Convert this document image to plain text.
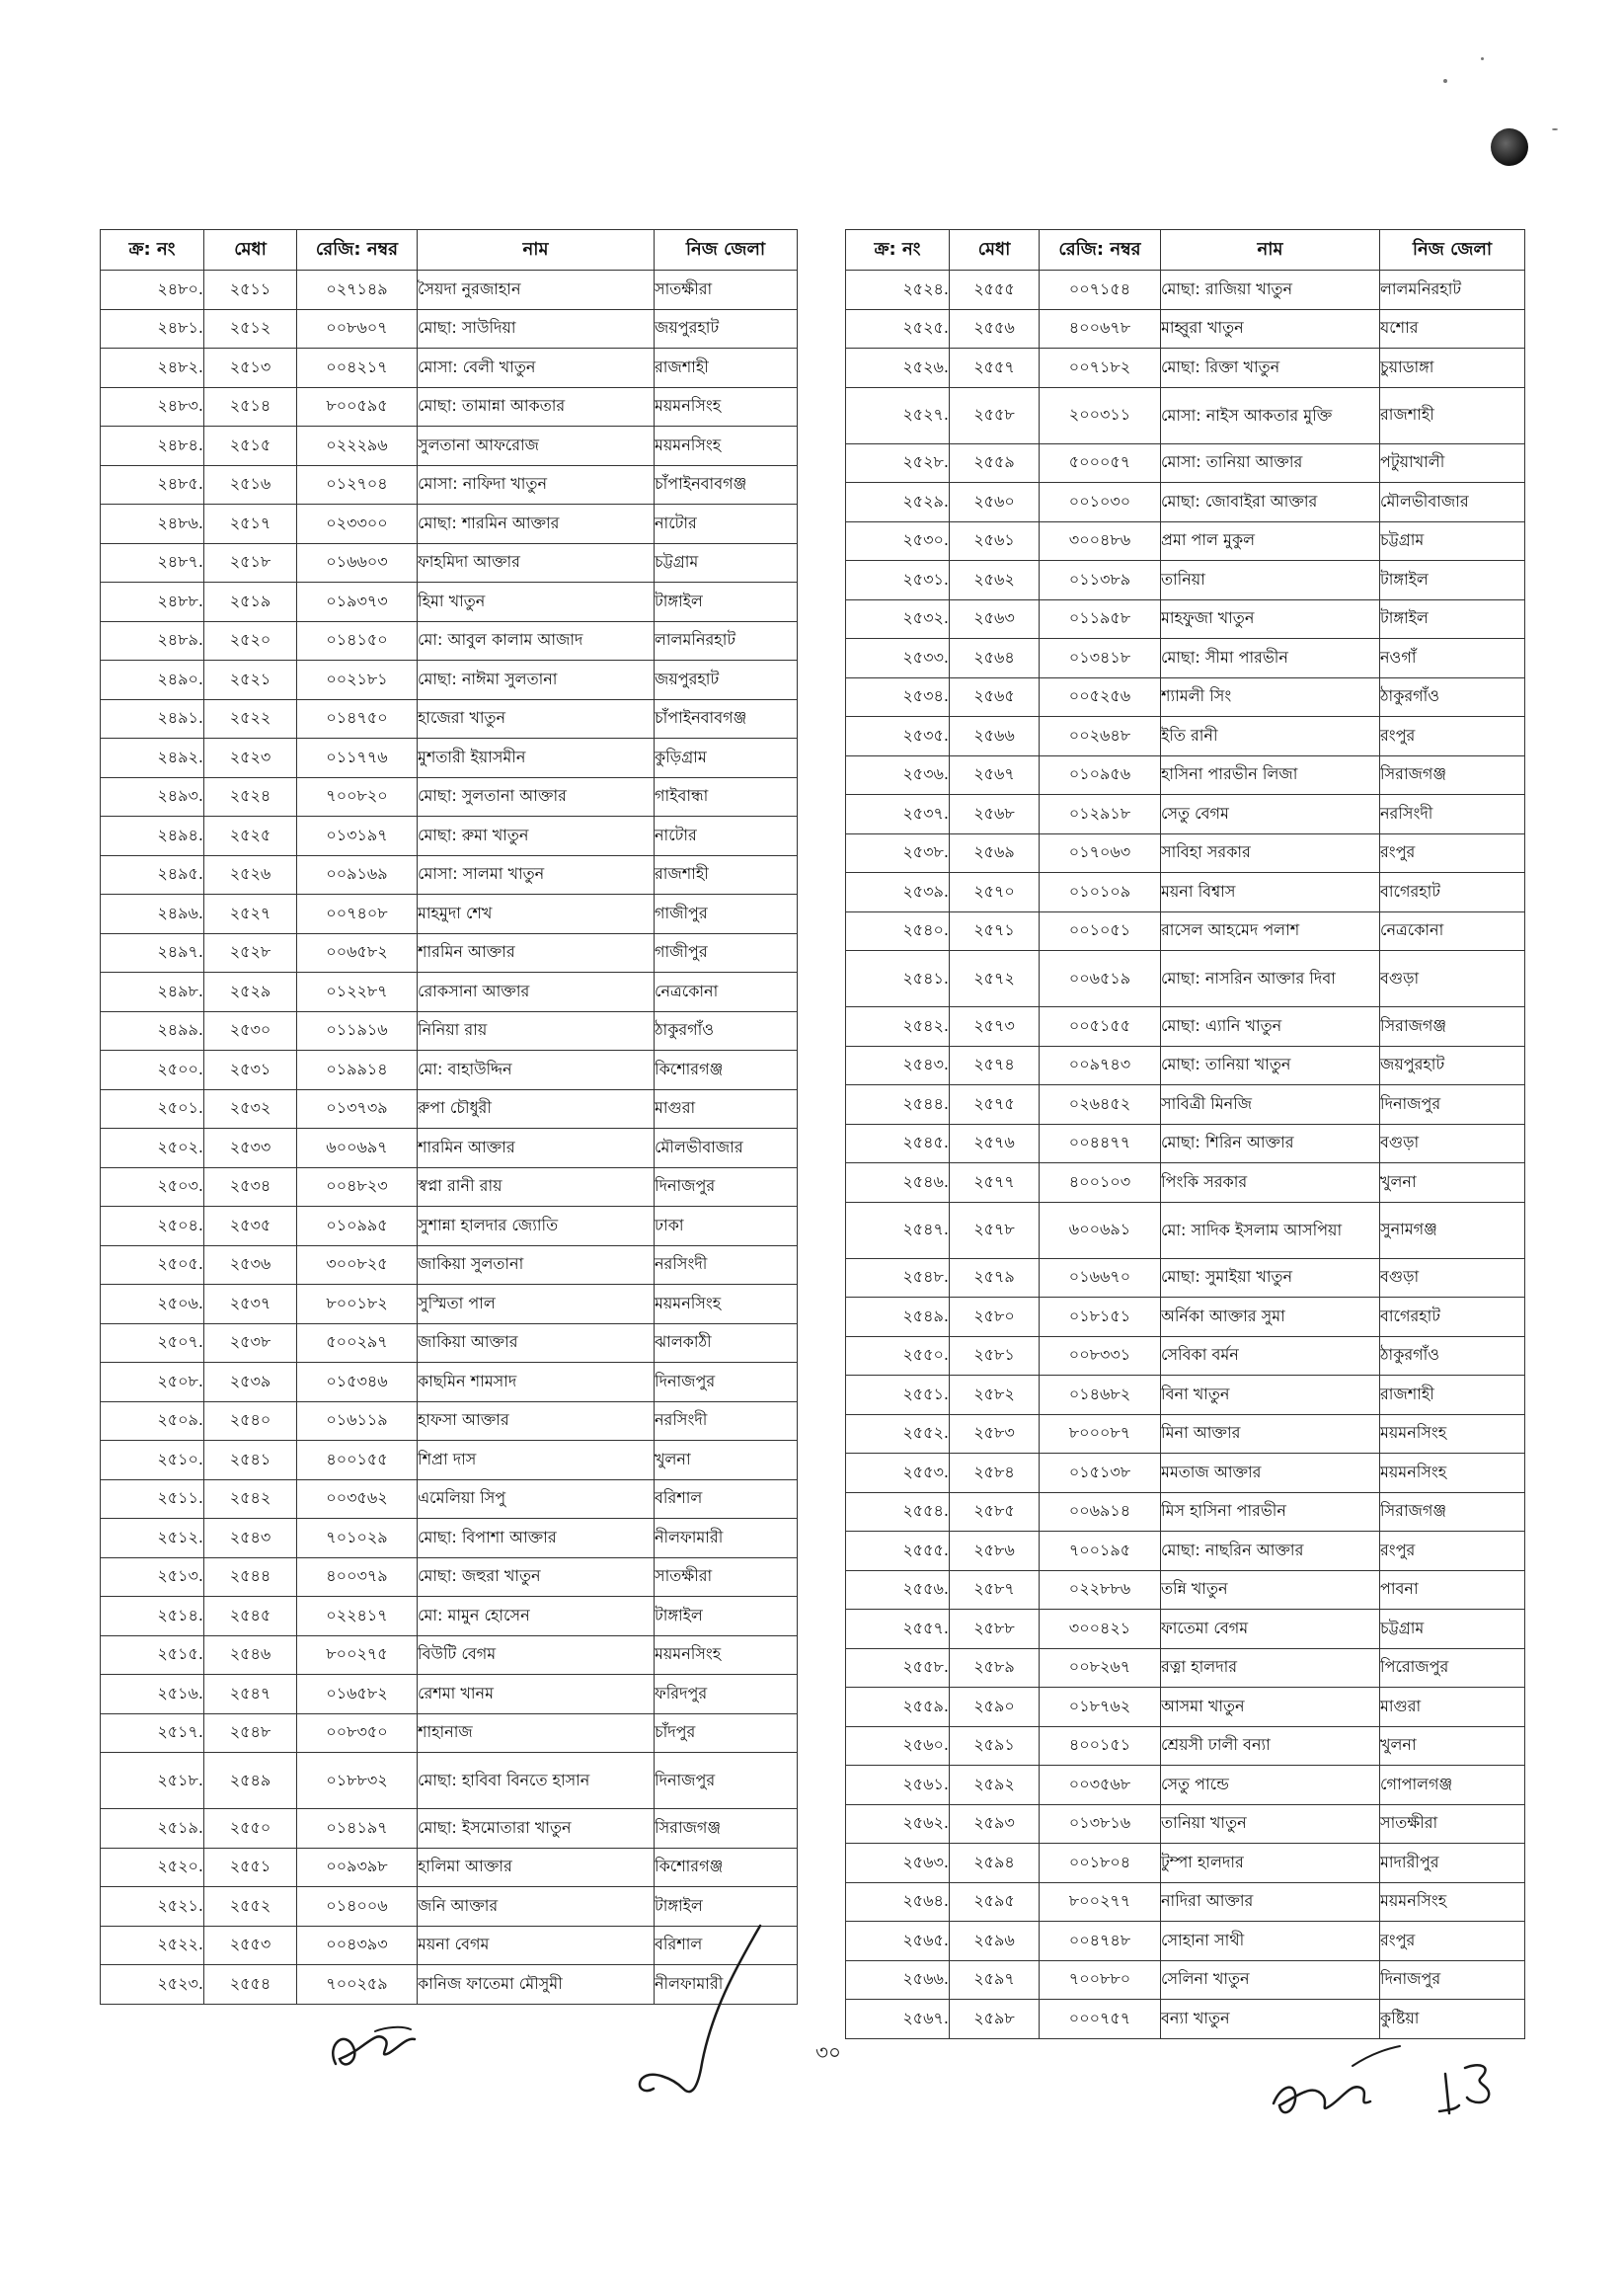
ক্র: নং	মেধা	রেজি: নম্বর	নাম	নিজ জেলা
২৪৮০.	২৫১১	০২৭১৪৯	সৈয়দা নুরজাহান	সাতক্ষীরা
২৪৮১.	২৫১২	০০৮৬০৭	মোছা: সাউদিয়া	জয়পুরহাট
২৪৮২.	২৫১৩	০০৪২১৭	মোসা: বেলী খাতুন	রাজশাহী
২৪৮৩.	২৫১৪	৮০০৫৯৫	মোছা: তামান্না আকতার	ময়মনসিংহ
২৪৮৪.	২৫১৫	০২২২৯৬	সুলতানা আফরোজ	ময়মনসিংহ
২৪৮৫.	২৫১৬	০১২৭০৪	মোসা: নাফিদা খাতুন	চাঁপাইনবাবগঞ্জ
২৪৮৬.	২৫১৭	০২৩৩০০	মোছা: শারমিন আক্তার	নাটোর
২৪৮৭.	২৫১৮	০১৬৬০৩	ফাহমিদা আক্তার	চট্টগ্রাম
২৪৮৮.	২৫১৯	০১৯৩৭৩	হিমা খাতুন	টাঙ্গাইল
২৪৮৯.	২৫২০	০১৪১৫০	মো: আবুল কালাম আজাদ	লালমনিরহাট
২৪৯০.	২৫২১	০০২১৮১	মোছা: নাঈমা সুলতানা	জয়পুরহাট
২৪৯১.	২৫২২	০১৪৭৫০	হাজেরা খাতুন	চাঁপাইনবাবগঞ্জ
২৪৯২.	২৫২৩	০১১৭৭৬	মুশতারী ইয়াসমীন	কুড়িগ্রাম
২৪৯৩.	২৫২৪	৭০০৮২০	মোছা: সুলতানা আক্তার	গাইবান্ধা
২৪৯৪.	২৫২৫	০১৩১৯৭	মোছা: রুমা খাতুন	নাটোর
২৪৯৫.	২৫২৬	০০৯১৬৯	মোসা: সালমা খাতুন	রাজশাহী
২৪৯৬.	২৫২৭	০০৭৪০৮	মাহমুদা শেখ	গাজীপুর
২৪৯৭.	২৫২৮	০০৬৫৮২	শারমিন আক্তার	গাজীপুর
২৪৯৮.	২৫২৯	০১২২৮৭	রোকসানা আক্তার	নেত্রকোনা
২৪৯৯.	২৫৩০	০১১৯১৬	নিনিয়া রায়	ঠাকুরগাঁও
২৫০০.	২৫৩১	০১৯৯১৪	মো: বাহাউদ্দিন	কিশোরগঞ্জ
২৫০১.	২৫৩২	০১৩৭৩৯	রুপা চৌধুরী	মাগুরা
২৫০২.	২৫৩৩	৬০০৬৯৭	শারমিন আক্তার	মৌলভীবাজার
২৫০৩.	২৫৩৪	০০৪৮২৩	স্বপ্না রানী রায়	দিনাজপুর
২৫০৪.	২৫৩৫	০১০৯৯৫	সুশান্না হালদার জ্যোতি	ঢাকা
২৫০৫.	২৫৩৬	৩০০৮২৫	জাকিয়া সুলতানা	নরসিংদী
২৫০৬.	২৫৩৭	৮০০১৮২	সুস্মিতা পাল	ময়মনসিংহ
২৫০৭.	২৫৩৮	৫০০২৯৭	জাকিয়া আক্তার	ঝালকাঠী
২৫০৮.	২৫৩৯	০১৫৩৪৬	কাছমিন শামসাদ	দিনাজপুর
২৫০৯.	২৫৪০	০১৬১১৯	হাফসা আক্তার	নরসিংদী
২৫১০.	২৫৪১	৪০০১৫৫	শিপ্রা দাস	খুলনা
২৫১১.	২৫৪২	০০৩৫৬২	এমেলিয়া সিপু	বরিশাল
২৫১২.	২৫৪৩	৭০১০২৯	মোছা: বিপাশা আক্তার	নীলফামারী
২৫১৩.	২৫৪৪	৪০০৩৭৯	মোছা: জহুরা খাতুন	সাতক্ষীরা
২৫১৪.	২৫৪৫	০২২৪১৭	মো: মামুন হোসেন	টাঙ্গাইল
২৫১৫.	২৫৪৬	৮০০২৭৫	বিউটি বেগম	ময়মনসিংহ
২৫১৬.	২৫৪৭	০১৬৫৮২	রেশমা খানম	ফরিদপুর
২৫১৭.	২৫৪৮	০০৮৩৫০	শাহানাজ	চাঁদপুর
২৫১৮.	২৫৪৯	০১৮৮৩২	মোছা: হাবিবা বিনতে হাসান	দিনাজপুর
২৫১৯.	২৫৫০	০১৪১৯৭	মোছা: ইসমোতারা খাতুন	সিরাজগঞ্জ
২৫২০.	২৫৫১	০০৯৩৯৮	হালিমা আক্তার	কিশোরগঞ্জ
২৫২১.	২৫৫২	০১৪০০৬	জনি আক্তার	টাঙ্গাইল
২৫২২.	২৫৫৩	০০৪৩৯৩	ময়না বেগম	বরিশাল
২৫২৩.	২৫৫৪	৭০০২৫৯	কানিজ ফাতেমা মৌসুমী	নীলফামারী
ক্র: নং	মেধা	রেজি: নম্বর	নাম	নিজ জেলা
২৫২৪.	২৫৫৫	০০৭১৫৪	মোছা: রাজিয়া খাতুন	লালমনিরহাট
২৫২৫.	২৫৫৬	৪০০৬৭৮	মাহ্বুরা খাতুন	যশোর
২৫২৬.	২৫৫৭	০০৭১৮২	মোছা: রিক্তা খাতুন	চুয়াডাঙ্গা
২৫২৭.	২৫৫৮	২০০৩১১	মোসা: নাইস আকতার মুক্তি	রাজশাহী
২৫২৮.	২৫৫৯	৫০০০৫৭	মোসা: তানিয়া আক্তার	পটুয়াখালী
২৫২৯.	২৫৬০	০০১০৩০	মোছা: জোবাইরা আক্তার	মৌলভীবাজার
২৫৩০.	২৫৬১	৩০০৪৮৬	প্রমা পাল মুকুল	চট্টগ্রাম
২৫৩১.	২৫৬২	০১১৩৮৯	তানিয়া	টাঙ্গাইল
২৫৩২.	২৫৬৩	০১১৯৫৮	মাহফুজা খাতুন	টাঙ্গাইল
২৫৩৩.	২৫৬৪	০১৩৪১৮	মোছা: সীমা পারভীন	নওগাঁ
২৫৩৪.	২৫৬৫	০০৫২৫৬	শ্যামলী সিং	ঠাকুরগাঁও
২৫৩৫.	২৫৬৬	০০২৬৪৮	ইতি রানী	রংপুর
২৫৩৬.	২৫৬৭	০১০৯৫৬	হাসিনা পারভীন লিজা	সিরাজগঞ্জ
২৫৩৭.	২৫৬৮	০১২৯১৮	সেতু বেগম	নরসিংদী
২৫৩৮.	২৫৬৯	০১৭০৬৩	সাবিহা সরকার	রংপুর
২৫৩৯.	২৫৭০	০১০১০৯	ময়না বিশ্বাস	বাগেরহাট
২৫৪০.	২৫৭১	০০১০৫১	রাসেল আহমেদ পলাশ	নেত্রকোনা
২৫৪১.	২৫৭২	০০৬৫১৯	মোছা: নাসরিন আক্তার দিবা	বগুড়া
২৫৪২.	২৫৭৩	০০৫১৫৫	মোছা: এ্যানি খাতুন	সিরাজগঞ্জ
২৫৪৩.	২৫৭৪	০০৯৭৪৩	মোছা: তানিয়া খাতুন	জয়পুরহাট
২৫৪৪.	২৫৭৫	০২৬৪৫২	সাবিত্রী মিনজি	দিনাজপুর
২৫৪৫.	২৫৭৬	০০৪৪৭৭	মোছা: শিরিন আক্তার	বগুড়া
২৫৪৬.	২৫৭৭	৪০০১০৩	পিংকি সরকার	খুলনা
২৫৪৭.	২৫৭৮	৬০০৬৯১	মো: সাদিক ইসলাম আসপিয়া	সুনামগঞ্জ
২৫৪৮.	২৫৭৯	০১৬৬৭০	মোছা: সুমাইয়া খাতুন	বগুড়া
২৫৪৯.	২৫৮০	০১৮১৫১	অর্নিকা আক্তার সুমা	বাগেরহাট
২৫৫০.	২৫৮১	০০৮৩৩১	সেবিকা বর্মন	ঠাকুরগাঁও
২৫৫১.	২৫৮২	০১৪৬৮২	বিনা খাতুন	রাজশাহী
২৫৫২.	২৫৮৩	৮০০০৮৭	মিনা আক্তার	ময়মনসিংহ
২৫৫৩.	২৫৮৪	০১৫১৩৮	মমতাজ আক্তার	ময়মনসিংহ
২৫৫৪.	২৫৮৫	০০৬৯১৪	মিস হাসিনা পারভীন	সিরাজগঞ্জ
২৫৫৫.	২৫৮৬	৭০০১৯৫	মোছা: নাছরিন আক্তার	রংপুর
২৫৫৬.	২৫৮৭	০২২৮৮৬	তন্নি খাতুন	পাবনা
২৫৫৭.	২৫৮৮	৩০০৪২১	ফাতেমা বেগম	চট্টগ্রাম
২৫৫৮.	২৫৮৯	০০৮২৬৭	রত্না হালদার	পিরোজপুর
২৫৫৯.	২৫৯০	০১৮৭৬২	আসমা খাতুন	মাগুরা
২৫৬০.	২৫৯১	৪০০১৫১	শ্রেয়সী ঢালী বন্যা	খুলনা
২৫৬১.	২৫৯২	০০৩৫৬৮	সেতু পান্ডে	গোপালগঞ্জ
২৫৬২.	২৫৯৩	০১৩৮১৬	তানিয়া খাতুন	সাতক্ষীরা
২৫৬৩.	২৫৯৪	০০১৮০৪	টুম্পা হালদার	মাদারীপুর
২৫৬৪.	২৫৯৫	৮০০২৭৭	নাদিরা আক্তার	ময়মনসিংহ
২৫৬৫.	২৫৯৬	০০৪৭৪৮	সোহানা সাথী	রংপুর
২৫৬৬.	২৫৯৭	৭০০৮৮০	সেলিনা খাতুন	দিনাজপুর
২৫৬৭.	২৫৯৮	০০০৭৫৭	বন্যা খাতুন	কুষ্টিয়া
৩০
